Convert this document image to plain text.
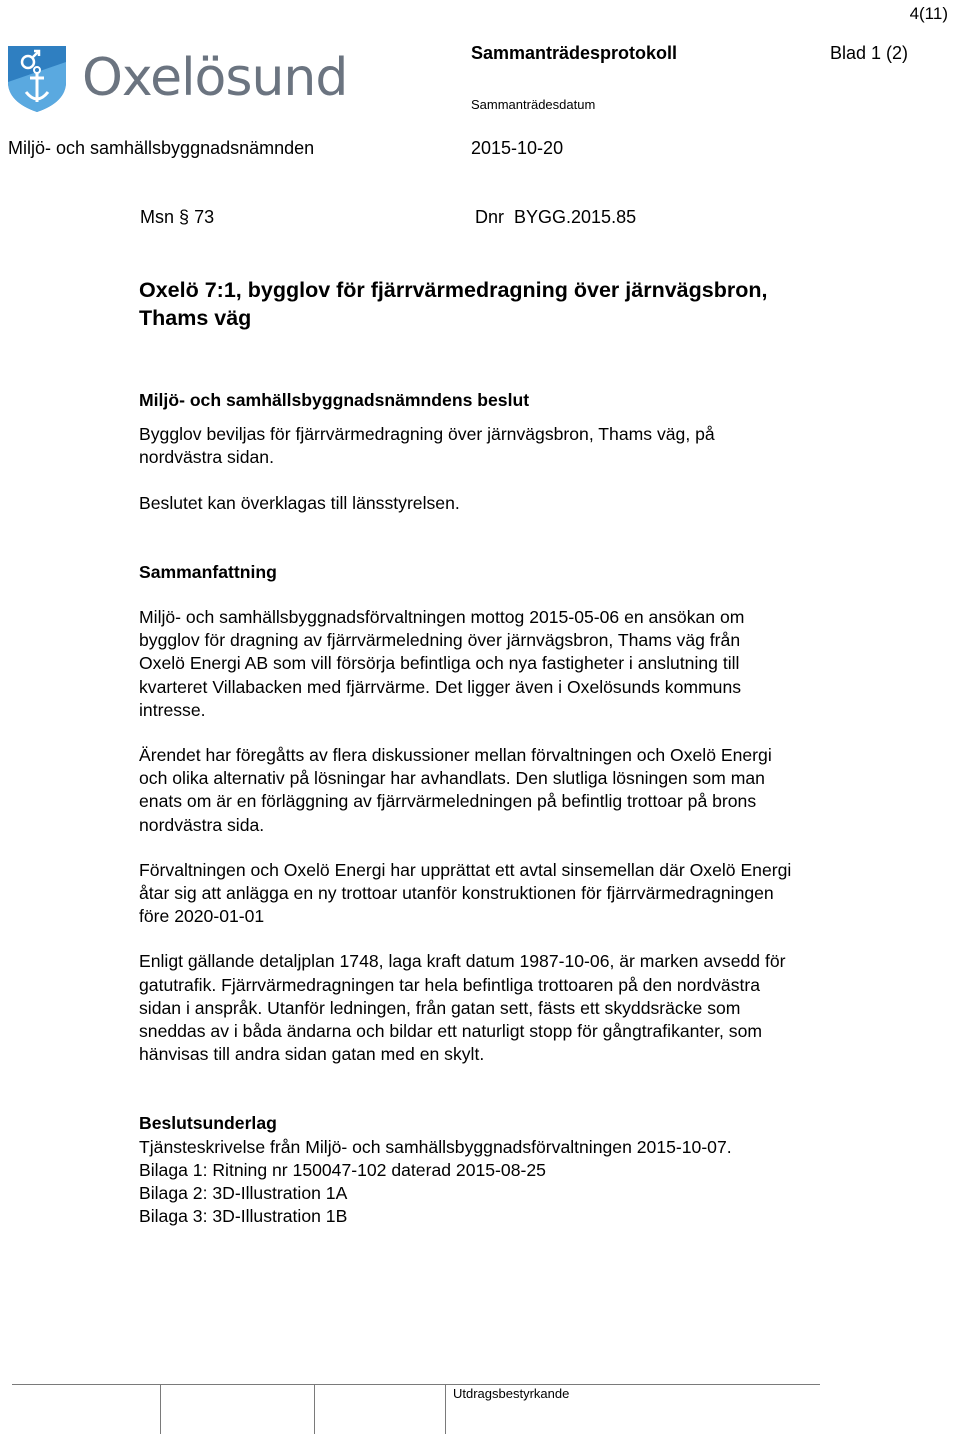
4(11)
Oxelösund	Sammanträdesprotokoll	Blad 1 (2)
Sammanträdesdatum
Miljö- och samhällsbyggnadsnämnden	2015-10-20
Msn § 73	Dnr  BYGG.2015.85

Oxelö 7:1, bygglov för fjärrvärmedragning över järnvägsbron,

Thams väg

Miljö- och samhällsbyggnadsnämndens beslut

Bygglov beviljas för fjärrvärmedragning över järnvägsbron, Thams väg, på

nordvästra sidan.

Beslutet kan överklagas till länsstyrelsen.

Sammanfattning

Miljö- och samhällsbyggnadsförvaltningen mottog 2015-05-06 en ansökan om

bygglov för dragning av fjärrvärmeledning över järnvägsbron, Thams väg från

Oxelö Energi AB som vill försörja befintliga och nya fastigheter i anslutning till

kvarteret Villabacken med fjärrvärme. Det ligger även i Oxelösunds kommuns

intresse.

Ärendet har föregåtts av flera diskussioner mellan förvaltningen och Oxelö Energi

och olika alternativ på lösningar har avhandlats. Den slutliga lösningen som man

enats om är en förläggning av fjärrvärmeledningen på befintlig trottoar på brons

nordvästra sida.

Förvaltningen och Oxelö Energi har upprättat ett avtal sinsemellan där Oxelö Energi

åtar sig att anlägga en ny trottoar utanför konstruktionen för fjärrvärmedragningen

före 2020-01-01

Enligt gällande detaljplan 1748, laga kraft datum 1987-10-06, är marken avsedd för

gatutrafik. Fjärrvärmedragningen tar hela befintliga trottoaren på den nordvästra

sidan i anspråk. Utanför ledningen, från gatan sett, fästs ett skyddsräcke som

sneddas av i båda ändarna och bildar ett naturligt stopp för gångtrafikanter, som

hänvisas till andra sidan gatan med en skylt.

Beslutsunderlag

Tjänsteskrivelse från Miljö- och samhällsbyggnadsförvaltningen 2015-10-07.

Bilaga 1: Ritning nr 150047-102 daterad 2015-08-25

Bilaga 2: 3D-Illustration 1A

Bilaga 3: 3D-Illustration 1B

Utdragsbestyrkande
